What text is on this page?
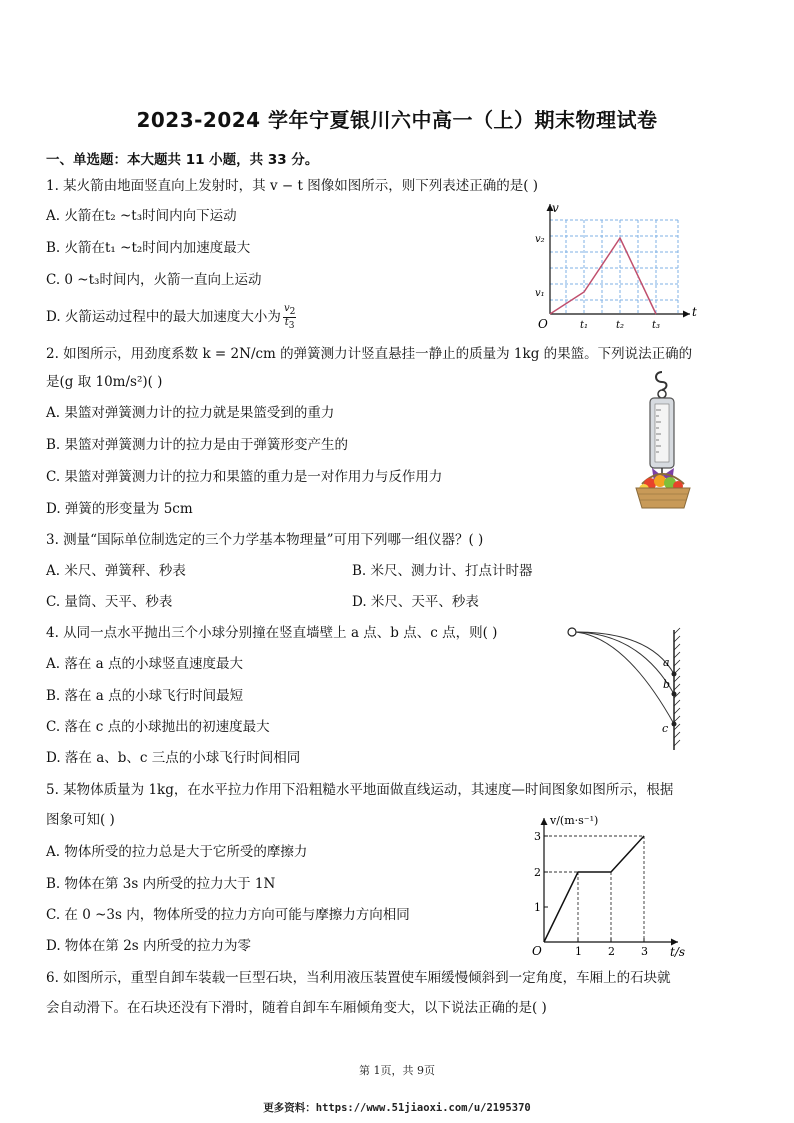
2023-2024 学年宁夏银川六中高一（上）期末物理试卷
一、单选题：本大题共 11 小题，共 33 分。
1. 某火箭由地面竖直向上发射时，其 v − t 图像如图所示，则下列表述正确的是( )
A. 火箭在t₂ ~t₃时间内向下运动
B. 火箭在t₁ ~t₂时间内加速度最大
C. 0 ~t₃时间内，火箭一直向上运动
D. 火箭运动过程中的最大加速度大小为 $\frac{v_2}{t_3}$
v
t
v₂
v₁
O	t₁	t₂	t₃
2. 如图所示，用劲度系数 k = 2N/cm 的弹簧测力计竖直悬挂一静止的质量为 1kg 的果篮。下列说法正确的
是(g 取 10m/s²)( )
A. 果篮对弹簧测力计的拉力就是果篮受到的重力
B. 果篮对弹簧测力计的拉力是由于弹簧形变产生的
C. 果篮对弹簧测力计的拉力和果篮的重力是一对作用力与反作用力
D. 弹簧的形变量为 5cm
3. 测量“国际单位制选定的三个力学基本物理量”可用下列哪一组仪器？( )
A. 米尺、弹簧秤、秒表	B. 米尺、测力计、打点计时器
C. 量筒、天平、秒表	D. 米尺、天平、秒表
4. 从同一点水平抛出三个小球分别撞在竖直墙壁上 a 点、b 点、c 点，则( )
A. 落在 a 点的小球竖直速度最大
B. 落在 a 点的小球飞行时间最短
C. 落在 c 点的小球抛出的初速度最大
D. 落在 a、b、c 三点的小球飞行时间相同
a
b
c
5. 某物体质量为 1kg，在水平拉力作用下沿粗糙水平地面做直线运动，其速度—时间图象如图所示，根据
图象可知( )
A. 物体所受的拉力总是大于它所受的摩擦力
B. 物体在第 3s 内所受的拉力大于 1N
C. 在 0 ~3s 内，物体所受的拉力方向可能与摩擦力方向相同
D. 物体在第 2s 内所受的拉力为零
v/(m·s⁻¹)
t/s
O
1
2
3
1 2 3
6. 如图所示，重型自卸车装载一巨型石块，当利用液压装置使车厢缓慢倾斜到一定角度，车厢上的石块就
会自动滑下。在石块还没有下滑时，随着自卸车车厢倾角变大，以下说法正确的是( )
第 1页，共 9页
更多资料：https://www.51jiaoxi.com/u/2195370
